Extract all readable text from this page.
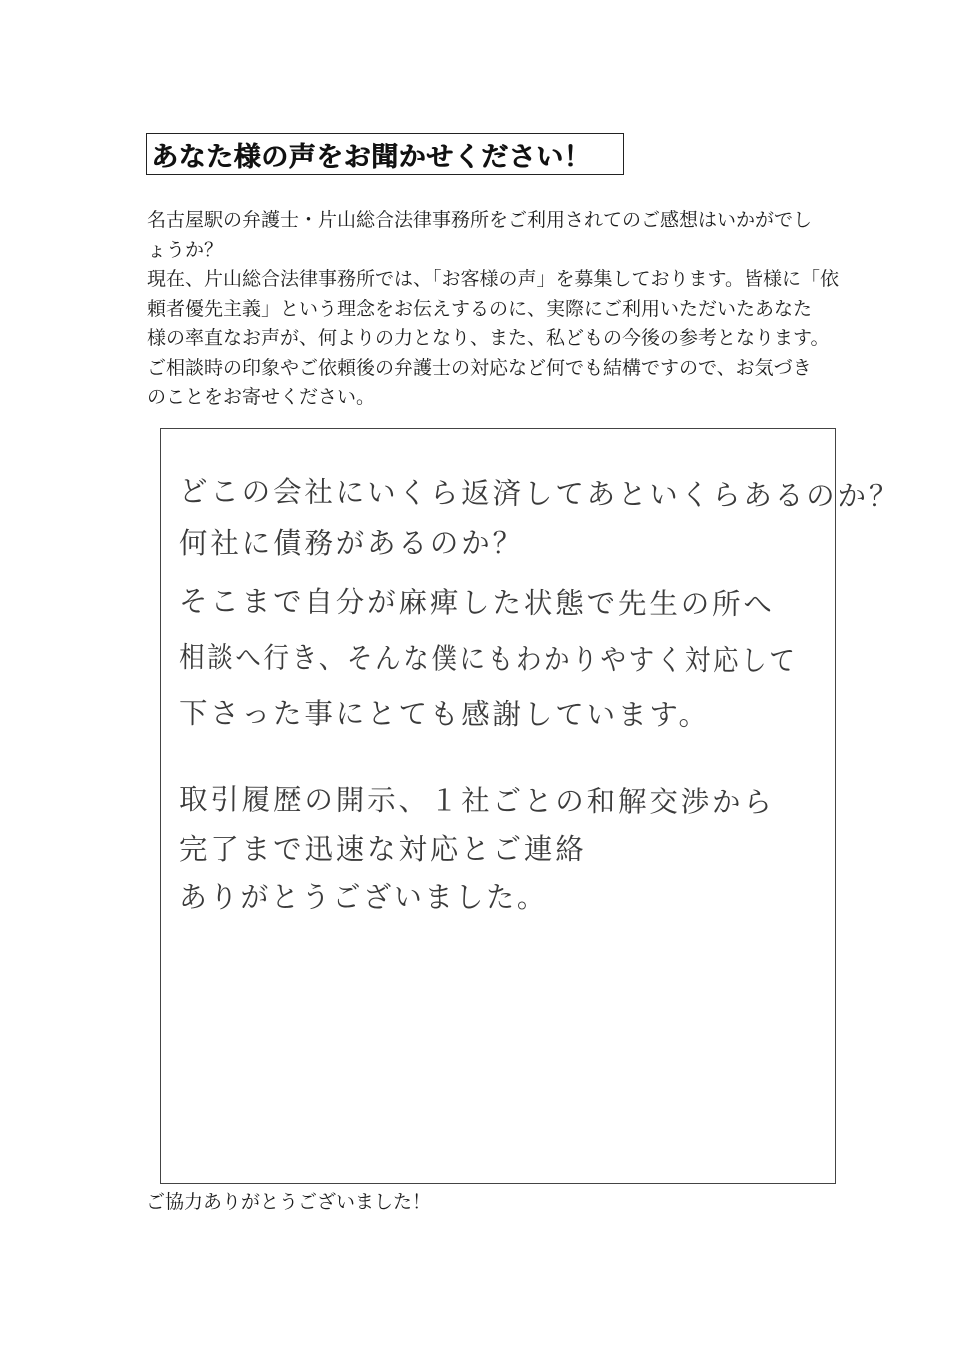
あなた様の声をお聞かせください！

名古屋駅の弁護士・片山総合法律事務所をご利用されてのご感想はいかがでし

ょうか？

現在、片山総合法律事務所では、「お客様の声」を募集しております。皆様に「依

頼者優先主義」という理念をお伝えするのに、実際にご利用いただいたあなた

様の率直なお声が、何よりの力となり、また、私どもの今後の参考となります。

ご相談時の印象やご依頼後の弁護士の対応など何でも結構ですので、お気づき

のことをお寄せください。

どこの会社にいくら返済してあといくらあるのか？

何社に債務があるのか？

そこまで自分が麻痺した状態で先生の所へ

相談へ行き、そんな僕にもわかりやすく対応して

下さった事にとても感謝しています。

取引履歴の開示、１社ごとの和解交渉から

完了まで迅速な対応とご連絡

ありがとうございました。

ご協力ありがとうございました！
